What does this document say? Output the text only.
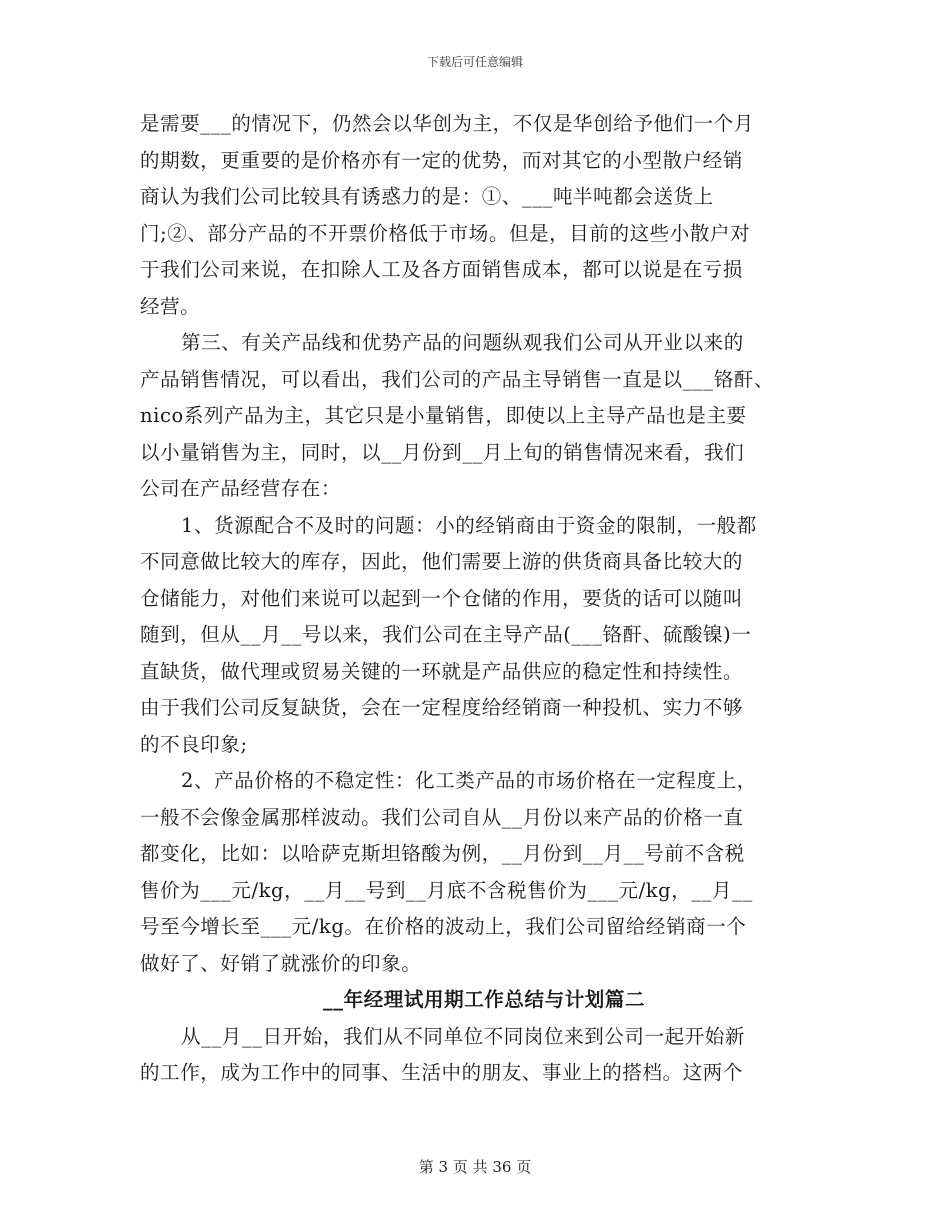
下载后可任意编辑
是需要___的情况下，仍然会以华创为主，不仅是华创给予他们一个月
的期数，更重要的是价格亦有一定的优势，而对其它的小型散户经销
商认为我们公司比较具有诱惑力的是：①、___吨半吨都会送货上
门;②、部分产品的不开票价格低于市场。但是，目前的这些小散户对
于我们公司来说，在扣除人工及各方面销售成本，都可以说是在亏损
经营。
第三、有关产品线和优势产品的问题纵观我们公司从开业以来的
产品销售情况，可以看出，我们公司的产品主导销售一直是以___铬酐、
nico系列产品为主，其它只是小量销售，即使以上主导产品也是主要
以小量销售为主，同时，以__月份到__月上旬的销售情况来看，我们
公司在产品经营存在：
1、货源配合不及时的问题：小的经销商由于资金的限制，一般都
不同意做比较大的库存，因此，他们需要上游的供货商具备比较大的
仓储能力，对他们来说可以起到一个仓储的作用，要货的话可以随叫
随到，但从__月__号以来，我们公司在主导产品(___铬酐、硫酸镍)一
直缺货，做代理或贸易关键的一环就是产品供应的稳定性和持续性。
由于我们公司反复缺货，会在一定程度给经销商一种投机、实力不够
的不良印象;
2、产品价格的不稳定性：化工类产品的市场价格在一定程度上，
一般不会像金属那样波动。我们公司自从__月份以来产品的价格一直
都变化，比如：以哈萨克斯坦铬酸为例，__月份到__月__号前不含税
售价为___元/kg，__月__号到__月底不含税售价为___元/kg，__月__
号至今增长至___元/kg。在价格的波动上，我们公司留给经销商一个
做好了、好销了就涨价的印象。
__年经理试用期工作总结与计划篇二
从__月__日开始，我们从不同单位不同岗位来到公司一起开始新
的工作，成为工作中的同事、生活中的朋友、事业上的搭档。这两个
第 3 页 共 36 页
